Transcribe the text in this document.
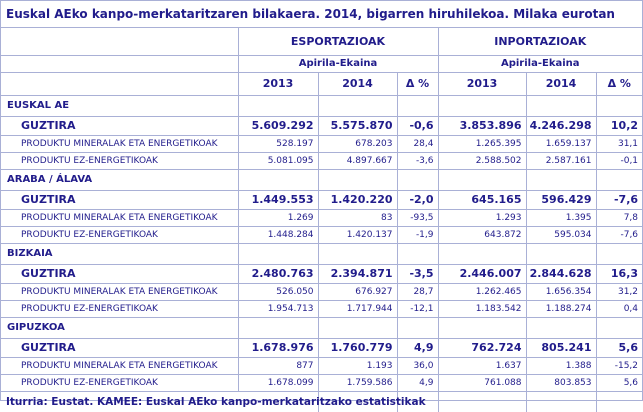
Euskal AEko kanpo-merkataritzaren bilakaera. 2014, bigarren hiruhilekoa. Milaka eurotan
	ESPORTAZIOAK			INPORTAZIOAK		
	Apirila-Ekaina			Apirila-Ekaina		
	2013	2014	Δ %	2013	2014	Δ %
EUSKAL AE						
GUZTIRA	5.609.292	5.575.870	-0,6	3.853.896	4.246.298	10,2
PRODUKTU MINERALAK ETA ENERGETIKOAK	528.197	678.203	28,4	1.265.395	1.659.137	31,1
PRODUKTU EZ-ENERGETIKOAK	5.081.095	4.897.667	-3,6	2.588.502	2.587.161	-0,1
ARABA / ÁLAVA						
GUZTIRA	1.449.553	1.420.220	-2,0	645.165	596.429	-7,6
PRODUKTU MINERALAK ETA ENERGETIKOAK	1.269	83	-93,5	1.293	1.395	7,8
PRODUKTU EZ-ENERGETIKOAK	1.448.284	1.420.137	-1,9	643.872	595.034	-7,6
BIZKAIA						
GUZTIRA	2.480.763	2.394.871	-3,5	2.446.007	2.844.628	16,3
PRODUKTU MINERALAK ETA ENERGETIKOAK	526.050	676.927	28,7	1.262.465	1.656.354	31,2
PRODUKTU EZ-ENERGETIKOAK	1.954.713	1.717.944	-12,1	1.183.542	1.188.274	0,4
GIPUZKOA						
GUZTIRA	1.678.976	1.760.779	4,9	762.724	805.241	5,6
PRODUKTU MINERALAK ETA ENERGETIKOAK	877	1.193	36,0	1.637	1.388	-15,2
PRODUKTU EZ-ENERGETIKOAK	1.678.099	1.759.586	4,9	761.088	803.853	5,6
Iturria: Eustat. KAMEE: Euskal AEko kanpo-merkataritzako estatistikak						
